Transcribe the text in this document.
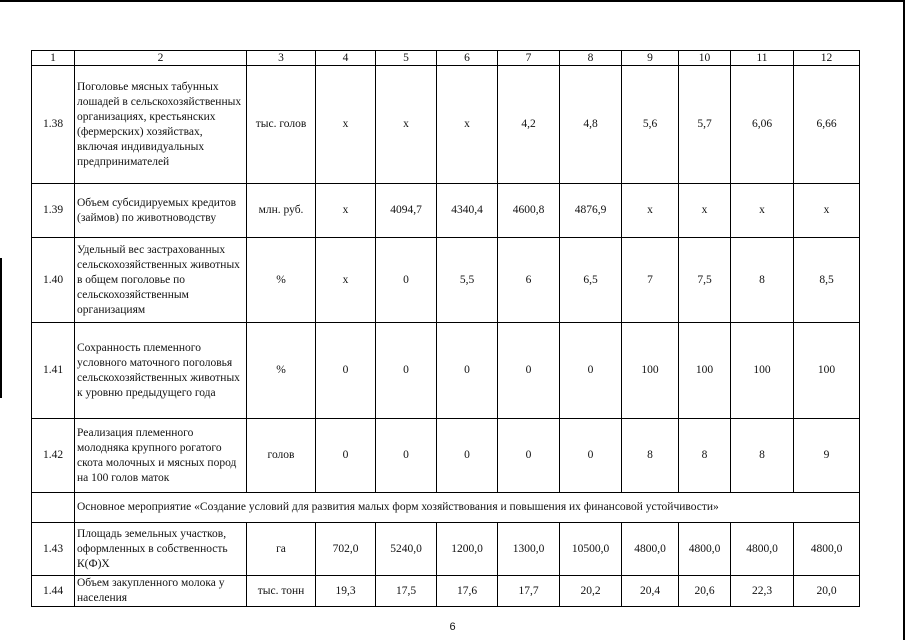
1	2	3	4	5	6	7	8	9	10	11	12
1.38	Поголовье мясных табунных лошадей в сельскохозяйственных организациях, крестьянских (фермерских) хозяйствах, включая индивидуальных предпринимателей	тыс. голов	х	х	х	4,2	4,8	5,6	5,7	6,06	6,66
1.39	Объем субсидируемых кредитов (займов) по животноводству	млн. руб.	х	4094,7	4340,4	4600,8	4876,9	х	х	х	х
1.40	Удельный вес застрахованных сельскохозяйственных животных в общем поголовье по сельскохозяйственным организациям	%	х	0	5,5	6	6,5	7	7,5	8	8,5
1.41	Сохранность племенного условного маточного поголовья сельскохозяйственных животных к уровню предыдущего года	%	0	0	0	0	0	100	100	100	100
1.42	Реализация племенного молодняка крупного рогатого скота молочных и мясных пород на 100 голов маток	голов	0	0	0	0	0	8	8	8	9
	Основное мероприятие «Создание условий для развития малых форм хозяйствования и повышения их финансовой устойчивости»										
1.43	Площадь земельных участков, оформленных в собственность К(Ф)Х	га	702,0	5240,0	1200,0	1300,0	10500,0	4800,0	4800,0	4800,0	4800,0
1.44	Объем закупленного молока у населения	тыс. тонн	19,3	17,5	17,6	17,7	20,2	20,4	20,6	22,3	20,0
6
